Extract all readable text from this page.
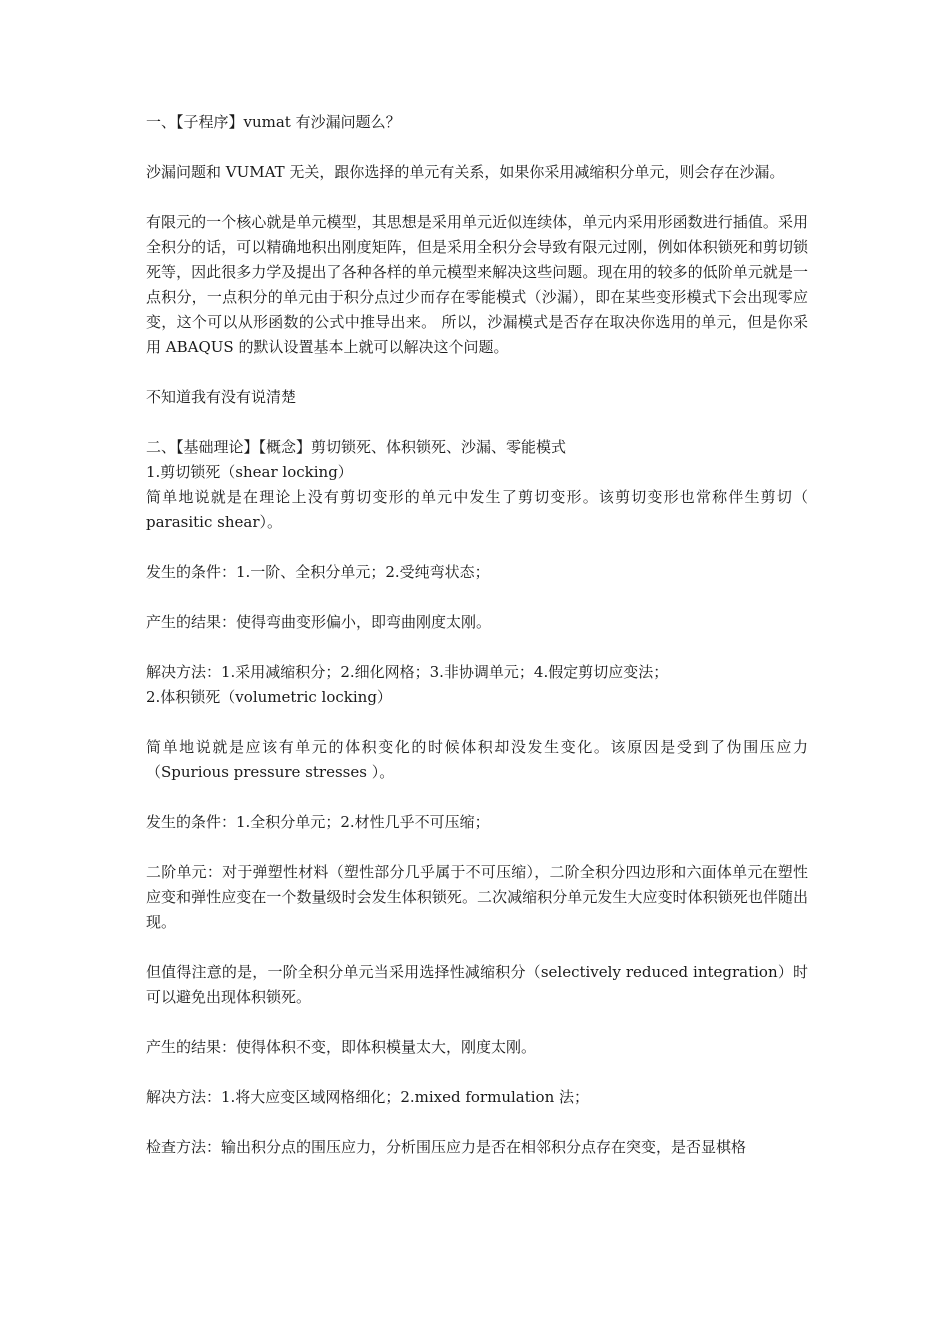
一、【子程序】vumat 有沙漏问题么？

沙漏问题和 VUMAT 无关，跟你选择的单元有关系，如果你采用减缩积分单元，则会存在沙漏。

有限元的一个核心就是单元模型，其思想是采用单元近似连续体，单元内采用形函数进行插值。采用全积分的话，可以精确地积出刚度矩阵，但是采用全积分会导致有限元过刚，例如体积锁死和剪切锁死等，因此很多力学及提出了各种各样的单元模型来解决这些问题。现在用的较多的低阶单元就是一点积分，一点积分的单元由于积分点过少而存在零能模式（沙漏），即在某些变形模式下会出现零应变，这个可以从形函数的公式中推导出来。 所以，沙漏模式是否存在取决你选用的单元，但是你采用 ABAQUS 的默认设置基本上就可以解决这个问题。

不知道我有没有说清楚

二、【基础理论】【概念】剪切锁死、体积锁死、沙漏、零能模式

1.剪切锁死（shear locking）

简单地说就是在理论上没有剪切变形的单元中发生了剪切变形。该剪切变形也常称伴生剪切（ parasitic shear）。

发生的条件：1.一阶、全积分单元；2.受纯弯状态；

产生的结果：使得弯曲变形偏小，即弯曲刚度太刚。

解决方法：1.采用减缩积分；2.细化网格；3.非协调单元；4.假定剪切应变法；

2.体积锁死（volumetric locking）

简单地说就是应该有单元的体积变化的时候体积却没发生变化。该原因是受到了伪围压应力（Spurious pressure stresses ）。

发生的条件：1.全积分单元；2.材性几乎不可压缩；

二阶单元：对于弹塑性材料（塑性部分几乎属于不可压缩），二阶全积分四边形和六面体单元在塑性应变和弹性应变在一个数量级时会发生体积锁死。二次减缩积分单元发生大应变时体积锁死也伴随出现。

但值得注意的是，一阶全积分单元当采用选择性减缩积分（selectively reduced integration）时可以避免出现体积锁死。

产生的结果：使得体积不变，即体积模量太大，刚度太刚。

解决方法：1.将大应变区域网格细化；2.mixed formulation 法；

检查方法：输出积分点的围压应力，分析围压应力是否在相邻积分点存在突变，是否显棋格
